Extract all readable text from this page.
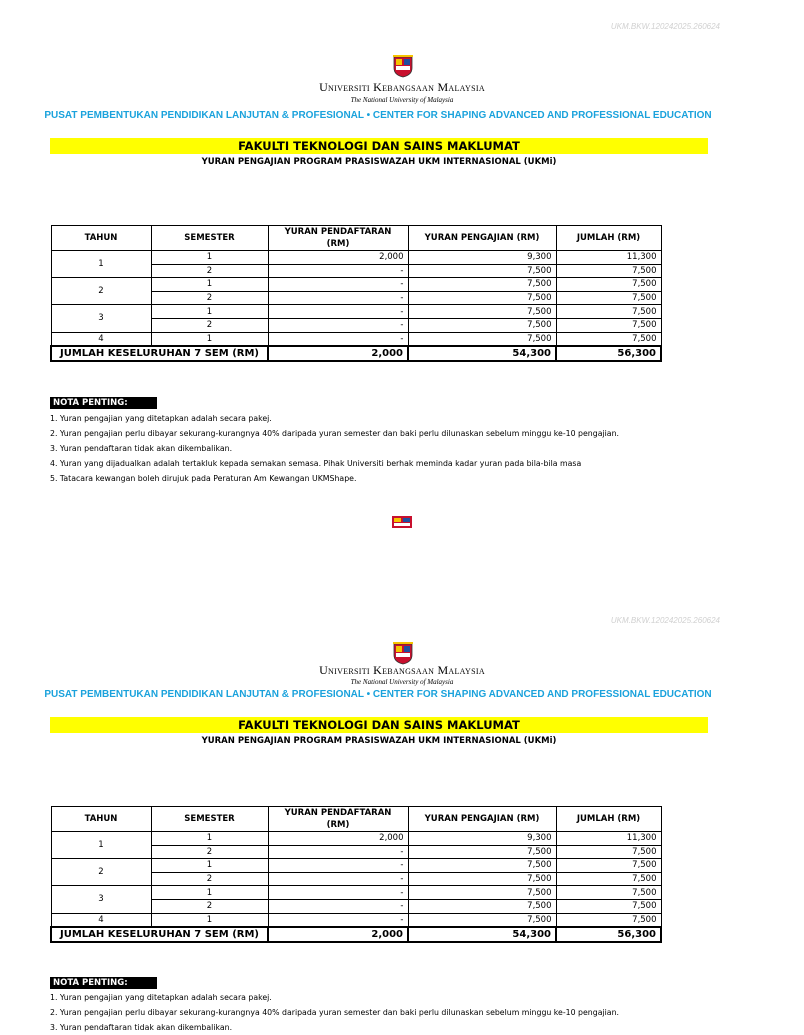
UKM.BKW.120242025.260624
Universiti Kebangsaan Malaysia
The National University of Malaysia
PUSAT PEMBENTUKAN PENDIDIKAN LANJUTAN & PROFESIONAL • CENTER FOR SHAPING ADVANCED AND PROFESSIONAL EDUCATION
FAKULTI TEKNOLOGI DAN SAINS MAKLUMAT
YURAN PENGAJIAN PROGRAM PRASISWAZAH UKM INTERNASIONAL (UKMi)
TAHUN	SEMESTER	YURAN PENDAFTARAN (RM)	YURAN PENGAJIAN (RM)	JUMLAH (RM)
1	1	2,000	9,300	11,300
	2	-	7,500	7,500
2	1	-	7,500	7,500
	2	-	7,500	7,500
3	1	-	7,500	7,500
	2	-	7,500	7,500
4	1	-	7,500	7,500
JUMLAH KESELURUHAN 7 SEM (RM)		2,000	54,300	56,300
NOTA PENTING:
1. Yuran pengajian yang ditetapkan adalah secara pakej.
2. Yuran pengajian perlu dibayar sekurang-kurangnya 40% daripada yuran semester dan baki perlu dilunaskan sebelum minggu ke-10 pengajian.
3. Yuran pendaftaran tidak akan dikembalikan.
4. Yuran yang dijadualkan adalah tertakluk kepada semakan semasa. Pihak Universiti berhak meminda kadar yuran pada bila-bila masa
5. Tatacara kewangan boleh dirujuk pada Peraturan Am Kewangan UKMShape.
UKM.BKW.120242025.260624
Universiti Kebangsaan Malaysia
The National University of Malaysia
PUSAT PEMBENTUKAN PENDIDIKAN LANJUTAN & PROFESIONAL • CENTER FOR SHAPING ADVANCED AND PROFESSIONAL EDUCATION
FAKULTI TEKNOLOGI DAN SAINS MAKLUMAT
YURAN PENGAJIAN PROGRAM PRASISWAZAH UKM INTERNASIONAL (UKMi)
TAHUN	SEMESTER	YURAN PENDAFTARAN (RM)	YURAN PENGAJIAN (RM)	JUMLAH (RM)
1	1	2,000	9,300	11,300
	2	-	7,500	7,500
2	1	-	7,500	7,500
	2	-	7,500	7,500
3	1	-	7,500	7,500
	2	-	7,500	7,500
4	1	-	7,500	7,500
JUMLAH KESELURUHAN 7 SEM (RM)		2,000	54,300	56,300
NOTA PENTING:
1. Yuran pengajian yang ditetapkan adalah secara pakej.
2. Yuran pengajian perlu dibayar sekurang-kurangnya 40% daripada yuran semester dan baki perlu dilunaskan sebelum minggu ke-10 pengajian.
3. Yuran pendaftaran tidak akan dikembalikan.
